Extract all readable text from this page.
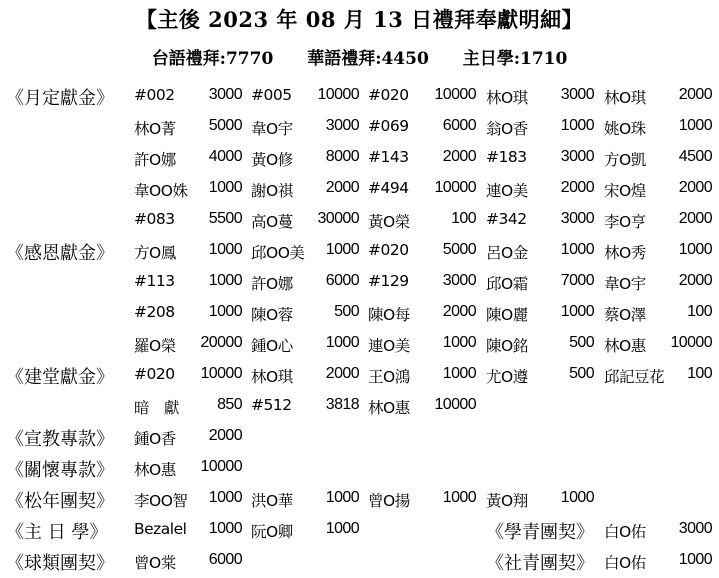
【主後 2023 年 08 月 13 日禮拜奉獻明細】
台語禮拜:7770 華語禮拜:4450 主日學:1710
《月定獻金》 #002 3000 #005 10000 #020 10000 林O琪 3000 林O琪 2000
林O菁 5000 韋O宇 3000 #069 6000 翁O香 1000 姚O珠 1000
許O娜 4000 黃O修 8000 #143 2000 #183 3000 方O凱 4500
韋OO姝 1000 謝O祺 2000 #494 10000 連O美 2000 宋O煌 2000
#083 5500 高O蔓 30000 黃O榮	100 #342 3000 李O亨 2000
《感恩獻金》 方O鳳 1000 邱OO美 1000 #020 5000 呂O金 1000 林O秀 1000
#113 1000 許O娜 6000 #129 3000 邱O霜 7000 韋O宇 2000
#208 1000 陳O蓉	500 陳O每 2000 陳O麗 1000 蔡O澤	100
羅O榮 20000 鍾O心 1000 連O美 1000 陳O銘	500 林O惠 10000
《建堂獻金》 #020 10000 林O琪 2000 王O鴻 1000 尤O遵	500 邱記豆花 100
暗　獻 850 #512 3818 林O惠 10000
《宣教專款》 鍾O香 2000
《關懷專款》 林O惠 10000
《松年團契》 李OO智 1000 洪O華 1000 曾O揚 1000 黃O翔 1000
《主 日 學》 Bezalel 1000 阮O卿 1000	《學青團契》 白O佑 3000
《球類團契》 曾O棠 6000	《社青團契》 白O佑 1000
